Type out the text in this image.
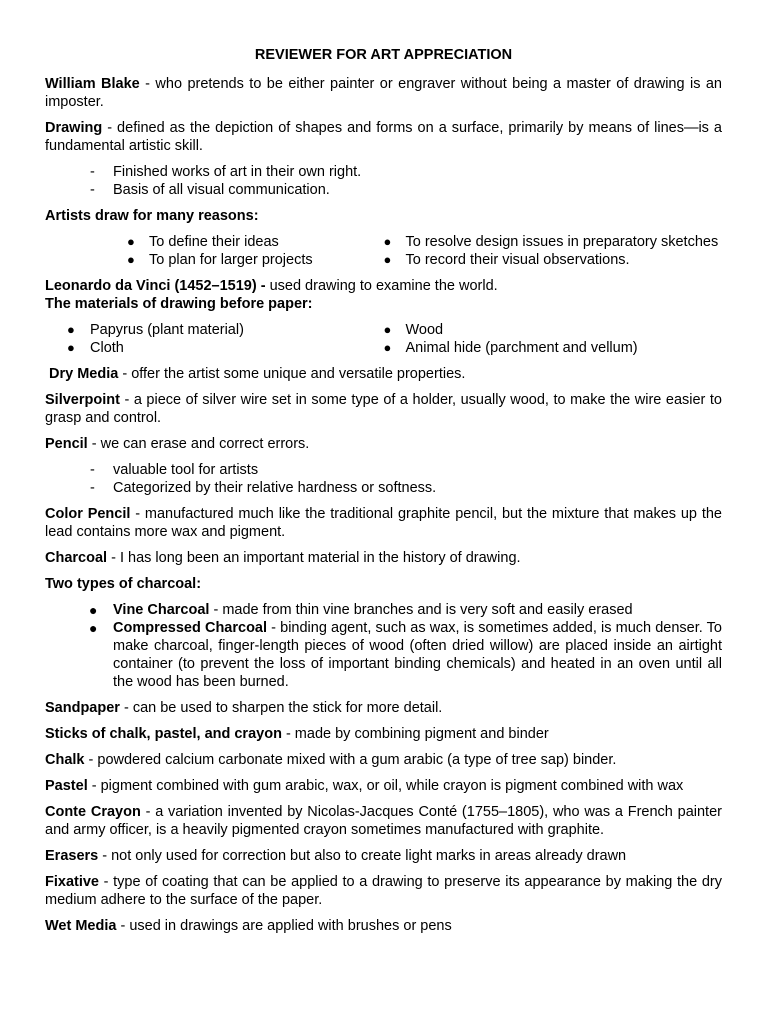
REVIEWER FOR ART APPRECIATION

William Blake - who pretends to be either painter or engraver without being a master of drawing is an imposter.

Drawing - defined as the depiction of shapes and forms on a surface, primarily by means of lines—is a fundamental artistic skill.

- Finished works of art in their own right.
- Basis of all visual communication.

Artists draw for many reasons:

● To define their ideas
● To plan for larger projects
● To resolve design issues in preparatory sketches
● To record their visual observations.

Leonardo da Vinci (1452–1519) - used drawing to examine the world.

The materials of drawing before paper:

● Papyrus (plant material)
● Cloth
● Wood
● Animal hide (parchment and vellum)

Dry Media - offer the artist some unique and versatile properties.

Silverpoint - a piece of silver wire set in some type of a holder, usually wood, to make the wire easier to grasp and control.

Pencil - we can erase and correct errors.

- valuable tool for artists
- Categorized by their relative hardness or softness.

Color Pencil - manufactured much like the traditional graphite pencil, but the mixture that makes up the lead contains more wax and pigment.

Charcoal - I has long been an important material in the history of drawing.

Two types of charcoal:

● Vine Charcoal - made from thin vine branches and is very soft and easily erased
● Compressed Charcoal - binding agent, such as wax, is sometimes added, is much denser. To make charcoal, finger-length pieces of wood (often dried willow) are placed inside an airtight container (to prevent the loss of important binding chemicals) and heated in an oven until all the wood has been burned.

Sandpaper - can be used to sharpen the stick for more detail.

Sticks of chalk, pastel, and crayon - made by combining pigment and binder

Chalk - powdered calcium carbonate mixed with a gum arabic (a type of tree sap) binder.

Pastel - pigment combined with gum arabic, wax, or oil, while crayon is pigment combined with wax

Conte Crayon - a variation invented by Nicolas-Jacques Conté (1755–1805), who was a French painter and army officer, is a heavily pigmented crayon sometimes manufactured with graphite.

Erasers - not only used for correction but also to create light marks in areas already drawn

Fixative - type of coating that can be applied to a drawing to preserve its appearance by making the dry medium adhere to the surface of the paper.

Wet Media - used in drawings are applied with brushes or pens
